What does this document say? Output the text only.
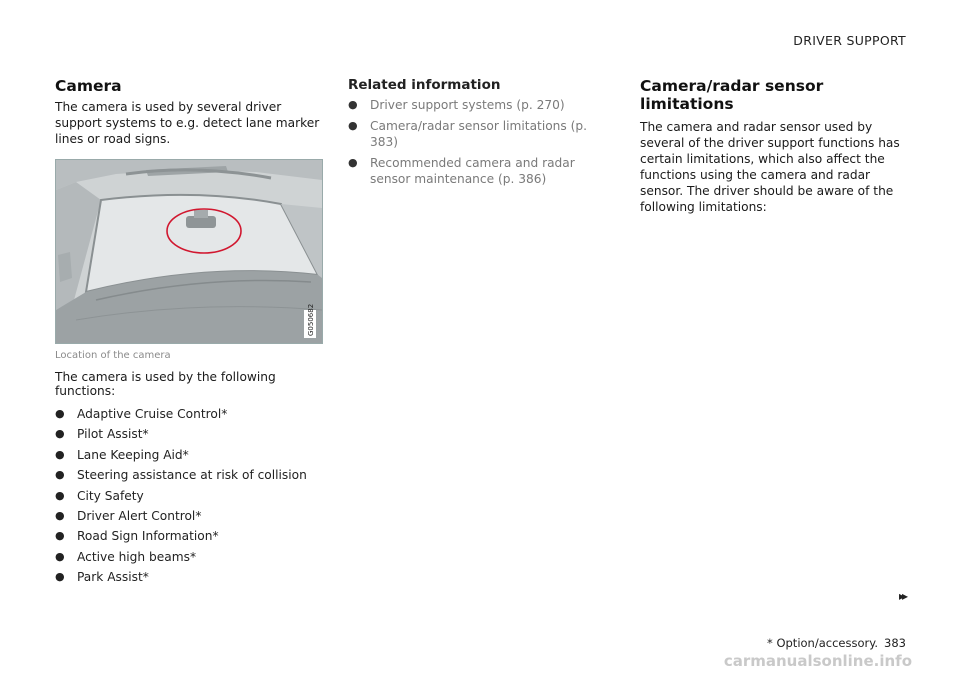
DRIVER SUPPORT
Camera

The camera is used by several driver support systems to e.g. detect lane marker lines or road signs.

G050682
Location of the camera

The camera is used by the following functions:

● Adaptive Cruise Control*
● Pilot Assist*
● Lane Keeping Aid*
● Steering assistance at risk of collision
● City Safety
● Driver Alert Control*
● Road Sign Information*
● Active high beams*
● Park Assist*
Related information
● Driver support systems (p. 270)
● Camera/radar sensor limitations (p. 383)
● Recommended camera and radar sensor maintenance (p. 386)
Camera/radar sensor limitations

The camera and radar sensor used by several of the driver support functions has certain limitations, which also affect the functions using the camera and radar sensor. The driver should be aware of the following limitations:

▸▸
* Option/accessory. 383
carmanualsonline.info
